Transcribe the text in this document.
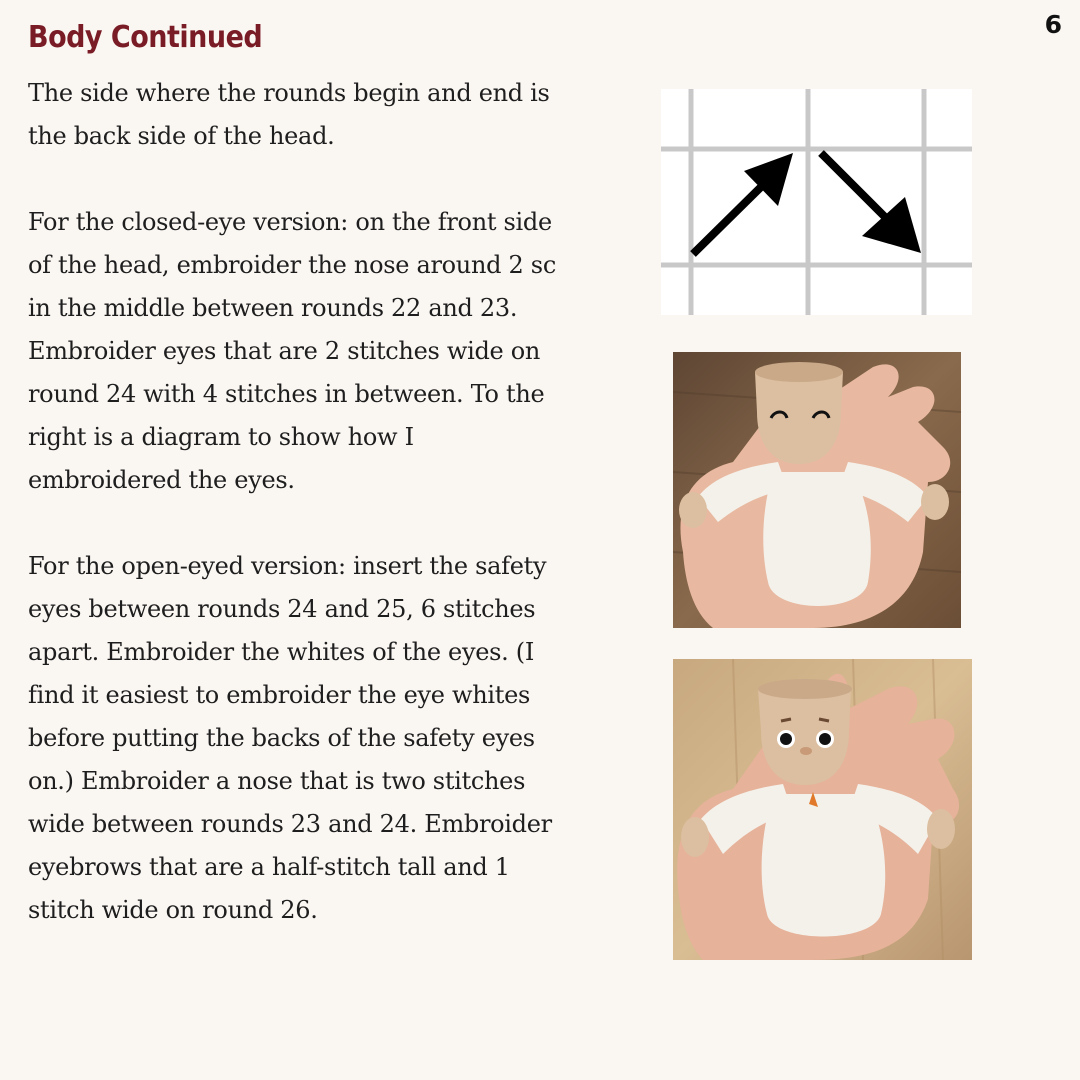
6
Body Continued

The side where the rounds begin and end is the back side of the head.

For the closed-eye version: on the front side of the head, embroider the nose around 2 sc in the middle between rounds 22 and 23. Embroider eyes that are 2 stitches wide on round 24 with 4 stitches in between. To the right is a diagram to show how I embroidered the eyes.

For the open-eyed version: insert the safety eyes between rounds 24 and 25, 6 stitches apart. Embroider the whites of the eyes. (I find it easiest to embroider the eye whites before putting the backs of the safety eyes on.) Embroider a nose that is two stitches wide between rounds 23 and 24. Embroider eyebrows that are a half-stitch tall and 1 stitch wide on round 26.
